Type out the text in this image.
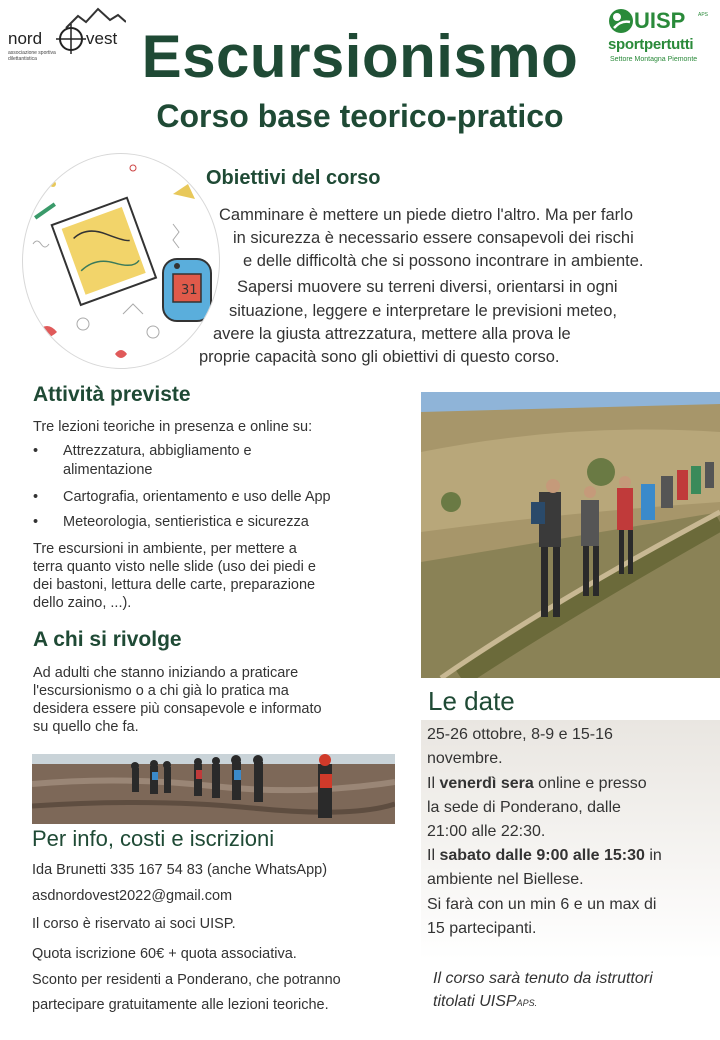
nord	vest
associazione sportiva
dilettantistica
UISP	APS
sportpertutti
Settore Montagna Piemonte
Escursionismo
Corso base teorico-pratico
31
Obiettivi del corso
Camminare è mettere un piede dietro l'altro. Ma per farlo
in sicurezza è necessario essere consapevoli dei rischi
e delle difficoltà che si possono incontrare in ambiente.
Sapersi muovere su terreni diversi, orientarsi in ogni
situazione, leggere e interpretare le previsioni meteo,
avere la giusta attrezzatura, mettere alla prova le
proprie capacità sono gli obiettivi di questo corso.
Attività previste
Tre lezioni teoriche in presenza e online su:
• Attrezzatura, abbigliamento e
alimentazione
• Cartografia, orientamento e uso delle App
• Meteorologia, sentieristica e sicurezza
Tre escursioni in ambiente, per mettere a
terra quanto visto nelle slide (uso dei piedi e
dei bastoni, lettura delle carte, preparazione
dello zaino, ...).
A chi si rivolge
Ad adulti che stanno iniziando a praticare
l'escursionismo o a chi già lo pratica ma
desidera essere più consapevole e informato
su quello che fa.
Per info, costi e iscrizioni
Ida Brunetti 335 167 54 83 (anche WhatsApp)
asdnordovest2022@gmail.com
Il corso è riservato ai soci UISP.
Quota iscrizione 60€ + quota associativa.
Sconto per residenti a Ponderano, che potranno
partecipare gratuitamente alle lezioni teoriche.
Le date
25-26 ottobre, 8-9 e 15-16
novembre.
Il venerdì sera online e presso
la sede di Ponderano, dalle
21:00 alle 22:30.
Il sabato dalle 9:00 alle 15:30 in
ambiente nel Biellese.
Si farà con un min 6 e un max di
15 partecipanti.
Il corso sarà tenuto da istruttori
titolati UISPAPS.
